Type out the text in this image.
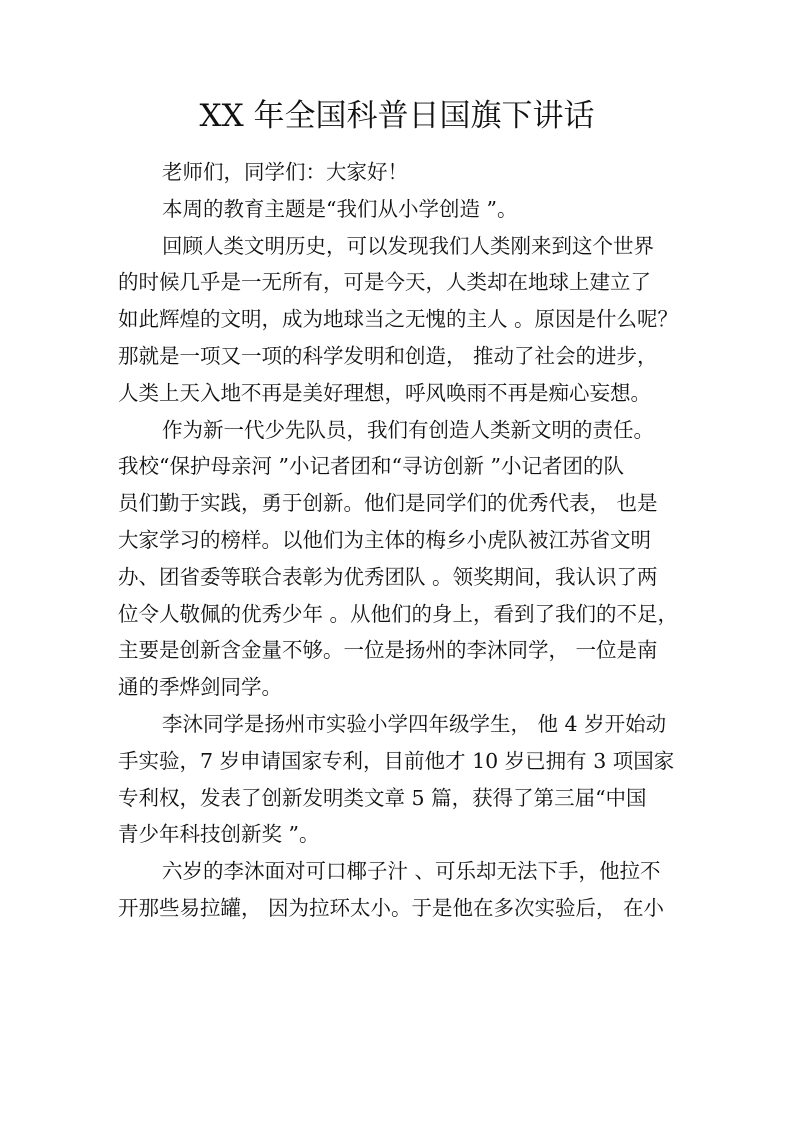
XX 年全国科普日国旗下讲话
老师们，同学们：大家好！
本周的教育主题是“我们从小学创造 ”。
回顾人类文明历史，可以发现我们人类刚来到这个世界
的时候几乎是一无所有，可是今天，人类却在地球上建立了
如此辉煌的文明，成为地球当之无愧的主人 。原因是什么呢？
那就是一项又一项的科学发明和创造， 推动了社会的进步，
人类上天入地不再是美好理想，呼风唤雨不再是痴心妄想。
作为新一代少先队员，我们有创造人类新文明的责任。
我校“保护母亲河 ”小记者团和“寻访创新 ”小记者团的队
员们勤于实践，勇于创新。他们是同学们的优秀代表， 也是
大家学习的榜样。以他们为主体的梅乡小虎队被江苏省文明
办、团省委等联合表彰为优秀团队 。领奖期间，我认识了两
位令人敬佩的优秀少年 。从他们的身上，看到了我们的不足，
主要是创新含金量不够。一位是扬州的李沐同学， 一位是南
通的季烨剑同学。
李沐同学是扬州市实验小学四年级学生， 他 4 岁开始动
手实验，7 岁申请国家专利，目前他才 10 岁已拥有 3 项国家
专利权，发表了创新发明类文章 5 篇，获得了第三届“中国
青少年科技创新奖 ”。
六岁的李沐面对可口椰子汁 、可乐却无法下手，他拉不
开那些易拉罐， 因为拉环太小。于是他在多次实验后， 在小
